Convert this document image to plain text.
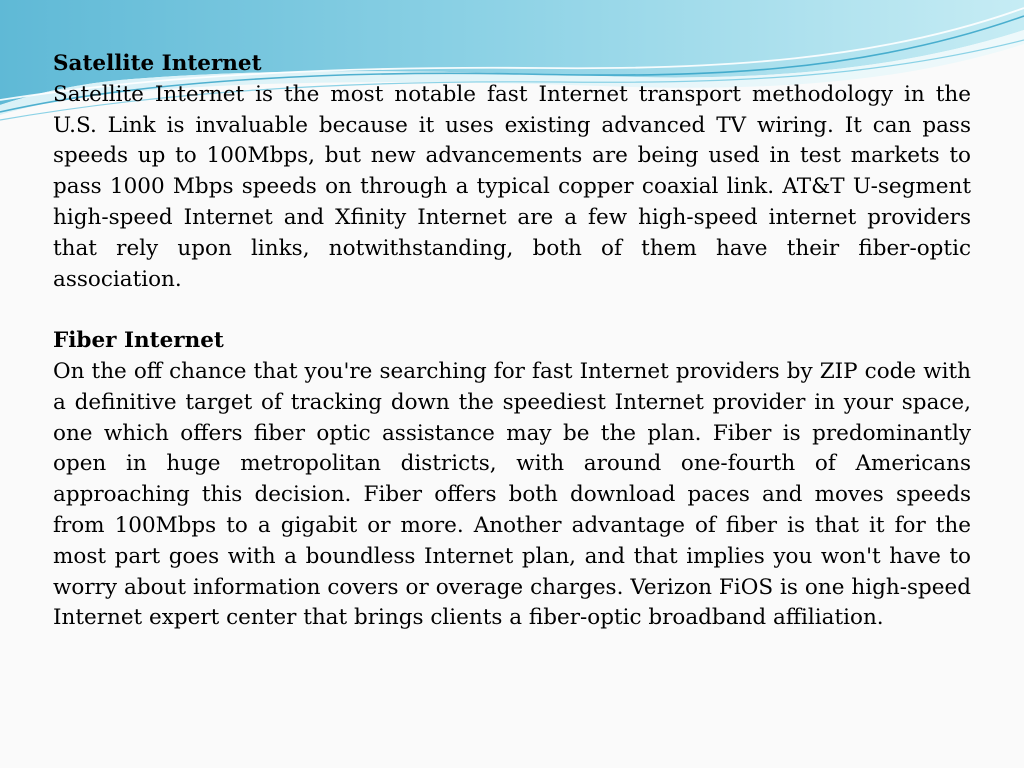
Satellite Internet

Satellite Internet is the most notable fast Internet transport methodology in the U.S. Link is invaluable because it uses existing advanced TV wiring. It can pass speeds up to 100Mbps, but new advancements are being used in test markets to pass 1000 Mbps speeds on through a typical copper coaxial link. AT&T U-segment high-speed Internet and Xfinity Internet are a few high-speed internet providers that rely upon links, notwithstanding, both of them have their fiber-optic association.

Fiber Internet

On the off chance that you're searching for fast Internet providers by ZIP code with a definitive target of tracking down the speediest Internet provider in your space, one which offers fiber optic assistance may be the plan. Fiber is predominantly open in huge metropolitan districts, with around one-fourth of Americans approaching this decision. Fiber offers both download paces and moves speeds from 100Mbps to a gigabit or more. Another advantage of fiber is that it for the most part goes with a boundless Internet plan, and that implies you won't have to worry about information covers or overage charges. Verizon FiOS is one high-speed Internet expert center that brings clients a fiber-optic broadband affiliation.
